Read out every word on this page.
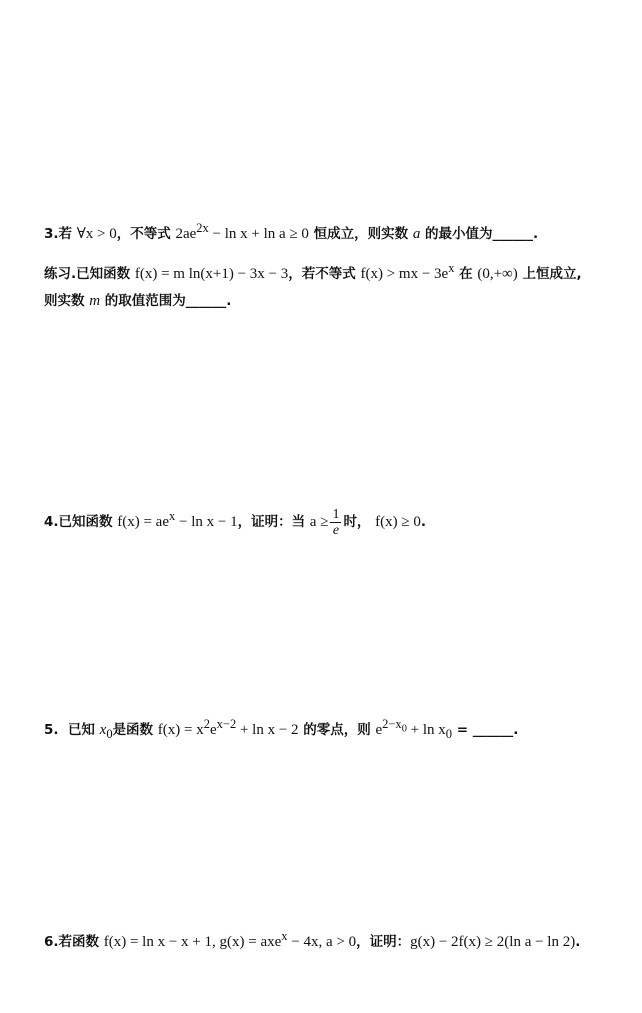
3.若 ∀x > 0，不等式 $2ae^{2x} - \ln x + \ln a \ge 0$ 恒成立，则实数 a 的最小值为______.
练习.已知函数 f(x) = m ln(x+1) − 3x − 3，若不等式 f(x) > mx − $3e^x$ 在 (0,+∞) 上恒成立,
则实数 m 的取值范围为______.
4.已知函数 $f(x) = ae^x - \ln x - 1$，证明：当 $a \ge \frac{1}{e}$ 时， f(x) ≥ 0.
5. 已知 $x_0$是函数 $f(x) = x^2e^{x-2} + \ln x - 2$ 的零点，则 $e^{2-x_0} + \ln x_0$ = ______.
6.若函数 f(x) = ln x − x + 1, g(x) = axe$^x$ − 4x, a > 0，证明：g(x) − 2f(x) ≥ 2(ln a − ln 2).
